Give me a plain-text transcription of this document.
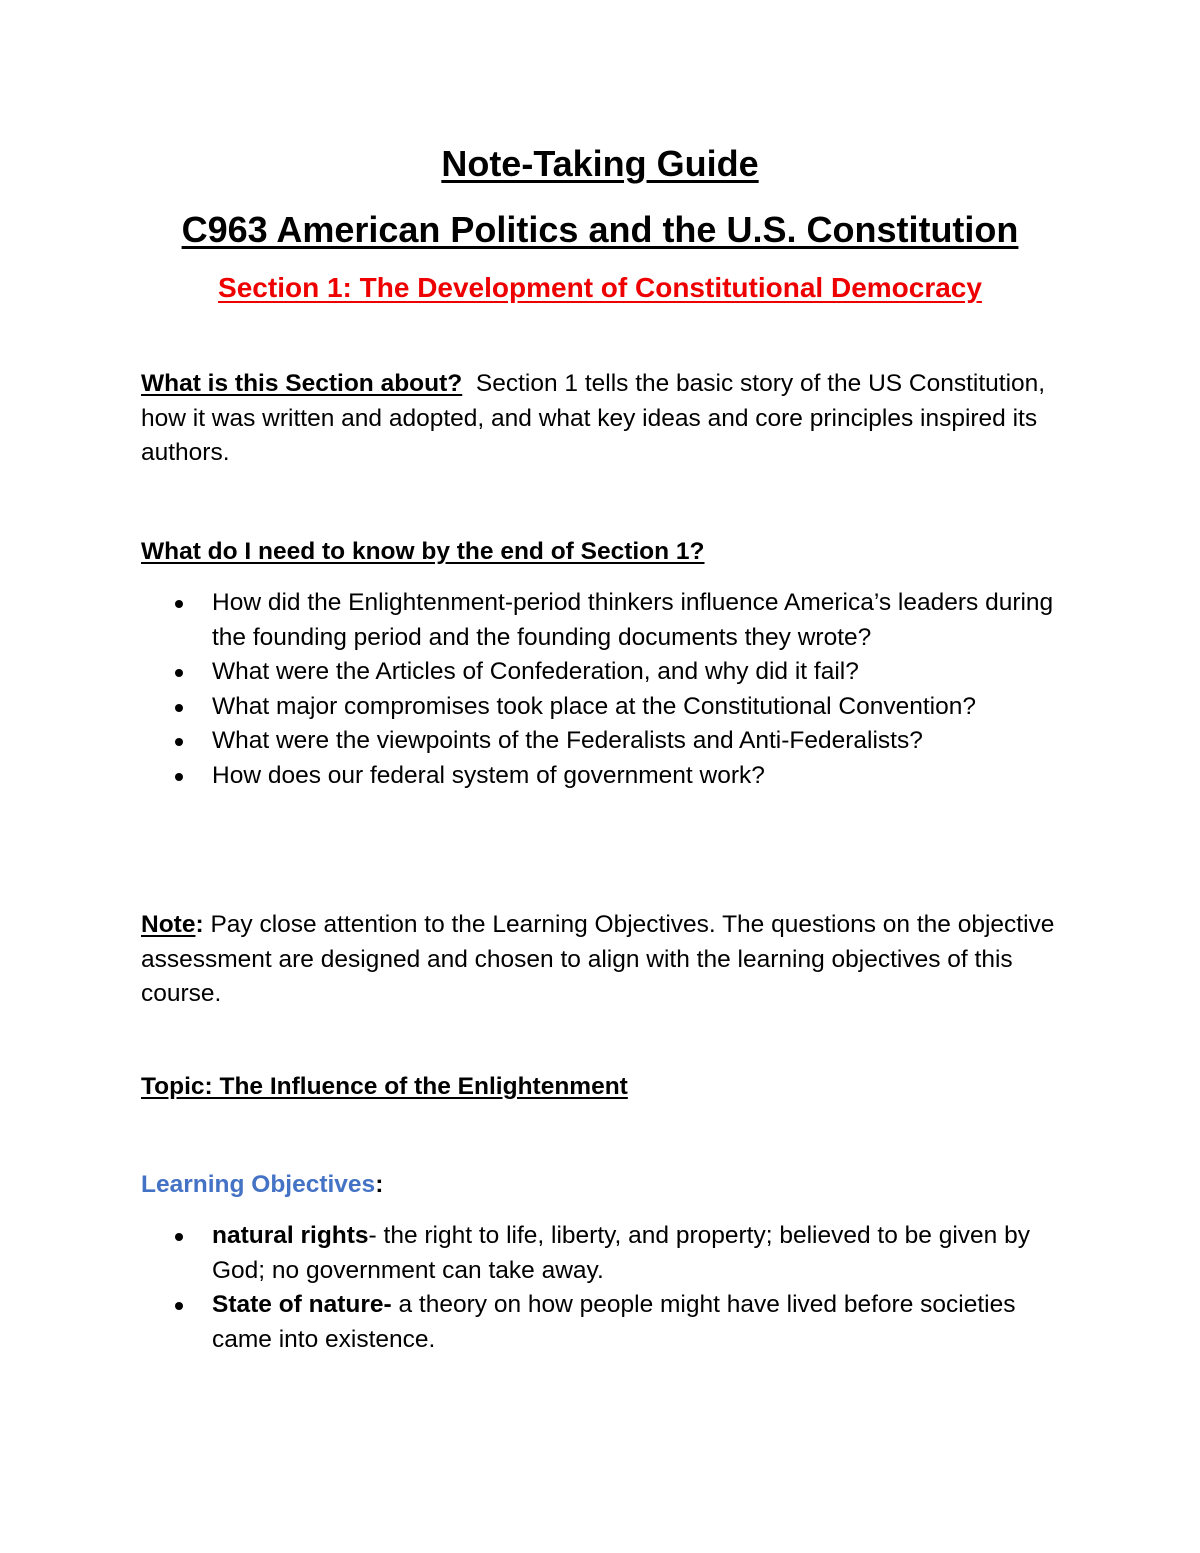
Note-Taking Guide
C963 American Politics and the U.S. Constitution
Section 1: The Development of Constitutional Democracy

What is this Section about? Section 1 tells the basic story of the US Constitution, how it was written and adopted, and what key ideas and core principles inspired its authors.

What do I need to know by the end of Section 1?

How did the Enlightenment-period thinkers influence America’s leaders during the founding period and the founding documents they wrote?
What were the Articles of Confederation, and why did it fail?
What major compromises took place at the Constitutional Convention?
What were the viewpoints of the Federalists and Anti-Federalists?
How does our federal system of government work?

Note: Pay close attention to the Learning Objectives. The questions on the objective assessment are designed and chosen to align with the learning objectives of this course.

Topic: The Influence of the Enlightenment

Learning Objectives:

natural rights- the right to life, liberty, and property; believed to be given by God; no government can take away.
State of nature- a theory on how people might have lived before societies came into existence.
